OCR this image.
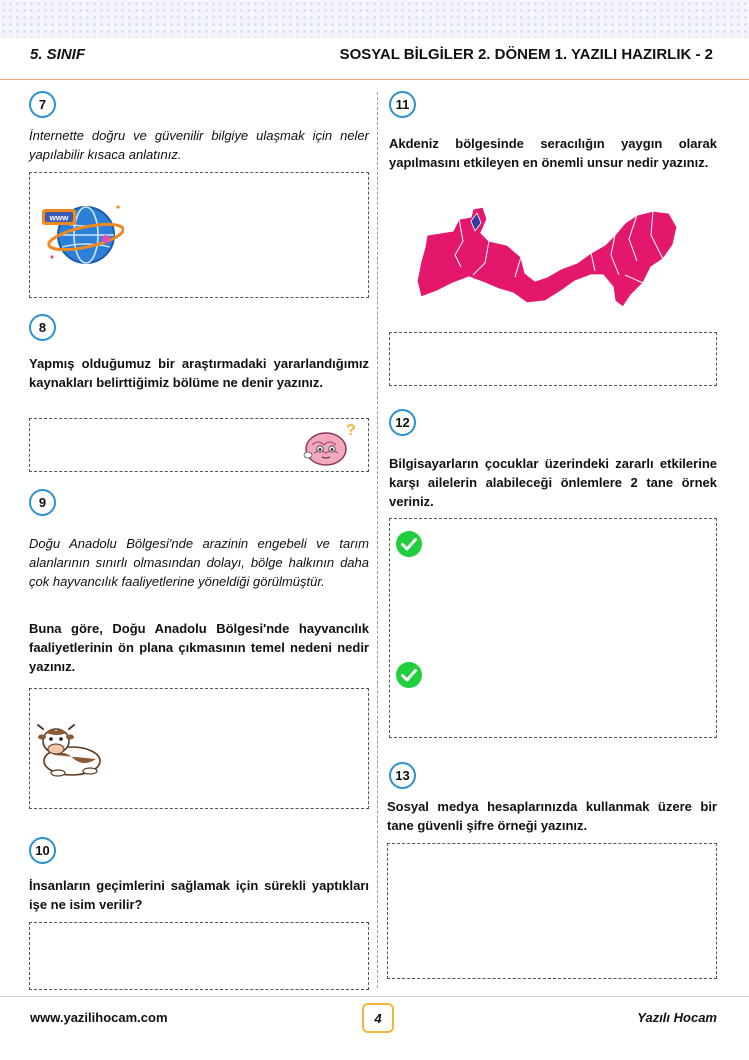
5. SINIF	SOSYAL BİLGİLER 2. DÖNEM 1. YAZILI HAZIRLIK - 2
7
İnternette doğru ve güvenilir bilgiye ulaşmak için neler yapılabilir kısaca anlatınız.
www
8
Yapmış olduğumuz bir araştırmadaki yararlandığımız kaynakları belirttiğimiz bölüme ne denir yazınız.
?
9
Doğu Anadolu Bölgesi'nde arazinin engebeli ve tarım alanlarının sınırlı olmasından dolayı, bölge halkının daha çok hayvancılık faaliyetlerine yöneldiği görülmüştür.
Buna göre, Doğu Anadolu Bölgesi'nde hayvancılık faaliyetlerinin ön plana çıkmasının temel nedeni nedir yazınız.
10
İnsanların geçimlerini sağlamak için sürekli yaptıkları işe ne isim verilir?
11
Akdeniz bölgesinde seracılığın yaygın olarak yapılmasını etkileyen en önemli unsur nedir yazınız.
12
Bilgisayarların çocuklar üzerindeki zararlı etkilerine karşı ailelerin alabileceği önlemlere 2 tane örnek veriniz.
13
Sosyal medya hesaplarınızda kullanmak üzere bir tane güvenli şifre örneği yazınız.
www.yazilihocam.com	4	Yazılı Hocam
